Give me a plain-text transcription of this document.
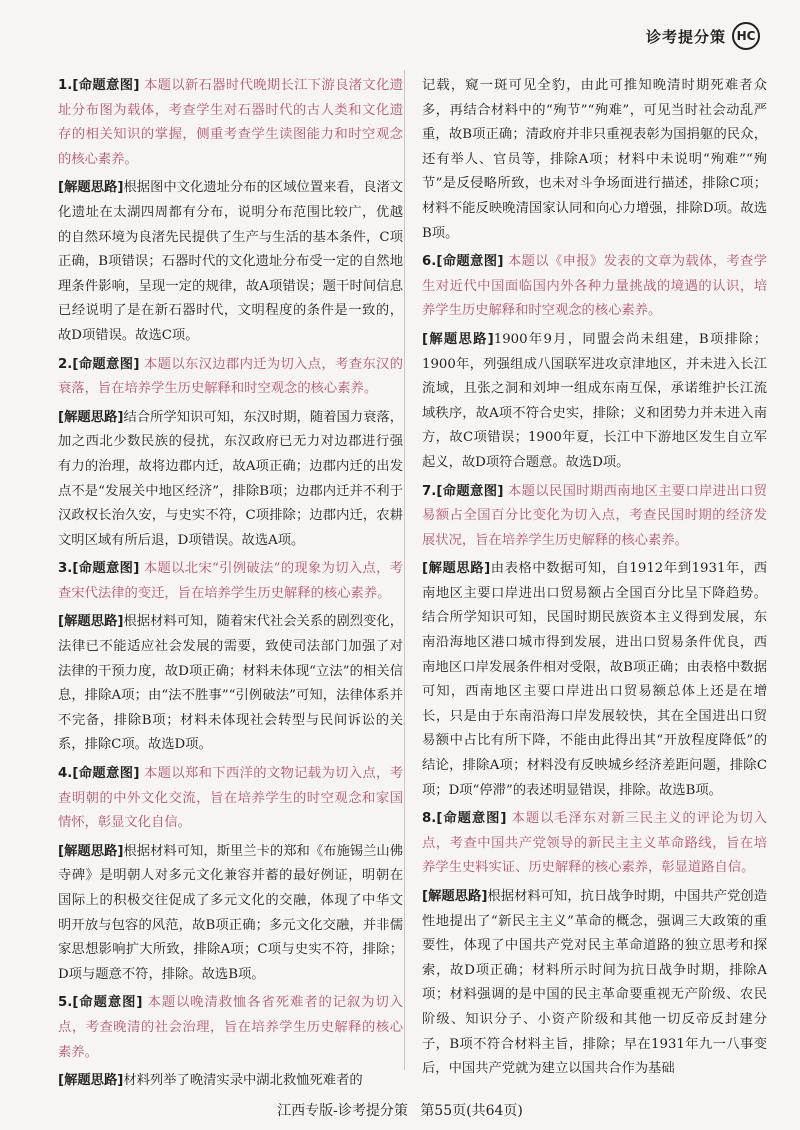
诊考提分策 HC
1.[命题意图] 本题以新石器时代晚期长江下游良渚文化遗址分布图为载体，考查学生对石器时代的古人类和文化遗存的相关知识的掌握，侧重考查学生读图能力和时空观念的核心素养。
[解题思路]根据图中文化遗址分布的区域位置来看，良渚文化遗址在太湖四周都有分布，说明分布范围比较广，优越的自然环境为良渚先民提供了生产与生活的基本条件，C项正确，B项错误；石器时代的文化遗址分布受一定的自然地理条件影响，呈现一定的规律，故A项错误；题干时间信息已经说明了是在新石器时代，文明程度的条件是一致的，故D项错误。故选C项。
2.[命题意图] 本题以东汉边郡内迁为切入点，考查东汉的衰落，旨在培养学生历史解释和时空观念的核心素养。
[解题思路]结合所学知识可知，东汉时期，随着国力衰落，加之西北少数民族的侵扰，东汉政府已无力对边郡进行强有力的治理，故将边郡内迁，故A项正确；边郡内迁的出发点不是“发展关中地区经济”，排除B项；边郡内迁并不利于汉政权长治久安，与史实不符，C项排除；边郡内迁，农耕文明区域有所后退，D项错误。故选A项。
3.[命题意图] 本题以北宋“引例破法”的现象为切入点，考查宋代法律的变迁，旨在培养学生历史解释的核心素养。
[解题思路]根据材料可知，随着宋代社会关系的剧烈变化，法律已不能适应社会发展的需要，致使司法部门加强了对法律的干预力度，故D项正确；材料未体现“立法”的相关信息，排除A项；由“法不胜事”“引例破法”可知，法律体系并不完备，排除B项；材料未体现社会转型与民间诉讼的关系，排除C项。故选D项。
4.[命题意图] 本题以郑和下西洋的文物记载为切入点，考查明朝的中外文化交流，旨在培养学生的时空观念和家国情怀，彰显文化自信。
[解题思路]根据材料可知，斯里兰卡的郑和《布施锡兰山佛寺碑》是明朝人对多元文化兼容并蓄的最好例证，明朝在国际上的积极交往促成了多元文化的交融，体现了中华文明开放与包容的风范，故B项正确；多元文化交融，并非儒家思想影响扩大所致，排除A项；C项与史实不符，排除；D项与题意不符，排除。故选B项。
5.[命题意图] 本题以晚清救恤各省死难者的记叙为切入点，考查晚清的社会治理，旨在培养学生历史解释的核心素养。
[解题思路]材料列举了晚清实录中湖北救恤死难者的
记载，窥一斑可见全豹，由此可推知晚清时期死难者众多，再结合材料中的“殉节”“殉难”，可见当时社会动乱严重，故B项正确；清政府并非只重视表彰为国捐躯的民众，还有举人、官员等，排除A项；材料中未说明“殉难”“殉节”是反侵略所致，也未对斗争场面进行描述，排除C项；材料不能反映晚清国家认同和向心力增强，排除D项。故选B项。
6.[命题意图] 本题以《申报》发表的文章为载体，考查学生对近代中国面临国内外各种力量挑战的境遇的认识，培养学生历史解释和时空观念的核心素养。
[解题思路]1900年9月，同盟会尚未组建，B项排除；1900年，列强组成八国联军进攻京津地区，并未进入长江流域，且张之洞和刘坤一组成东南互保，承诺维护长江流域秩序，故A项不符合史实，排除；义和团势力并未进入南方，故C项错误；1900年夏，长江中下游地区发生自立军起义，故D项符合题意。故选D项。
7.[命题意图] 本题以民国时期西南地区主要口岸进出口贸易额占全国百分比变化为切入点，考查民国时期的经济发展状况，旨在培养学生历史解释的核心素养。
[解题思路]由表格中数据可知，自1912年到1931年，西南地区主要口岸进出口贸易额占全国百分比呈下降趋势。结合所学知识可知，民国时期民族资本主义得到发展，东南沿海地区港口城市得到发展，进出口贸易条件优良，西南地区口岸发展条件相对受限，故B项正确；由表格中数据可知，西南地区主要口岸进出口贸易额总体上还是在增长，只是由于东南沿海口岸发展较快，其在全国进出口贸易额中占比有所下降，不能由此得出其“开放程度降低”的结论，排除A项；材料没有反映城乡经济差距问题，排除C项；D项“停滞”的表述明显错误，排除。故选B项。
8.[命题意图] 本题以毛泽东对新三民主义的评论为切入点，考查中国共产党领导的新民主主义革命路线，旨在培养学生史料实证、历史解释的核心素养，彰显道路自信。
[解题思路]根据材料可知，抗日战争时期，中国共产党创造性地提出了“新民主主义”革命的概念，强调三大政策的重要性，体现了中国共产党对民主革命道路的独立思考和探索，故D项正确；材料所示时间为抗日战争时期，排除A项；材料强调的是中国的民主革命要重视无产阶级、农民阶级、知识分子、小资产阶级和其他一切反帝反封建分子，B项不符合材料主旨，排除；早在1931年九一八事变后，中国共产党就为建立以国共合作为基础
江西专版-诊考提分策 第55页(共64页)
